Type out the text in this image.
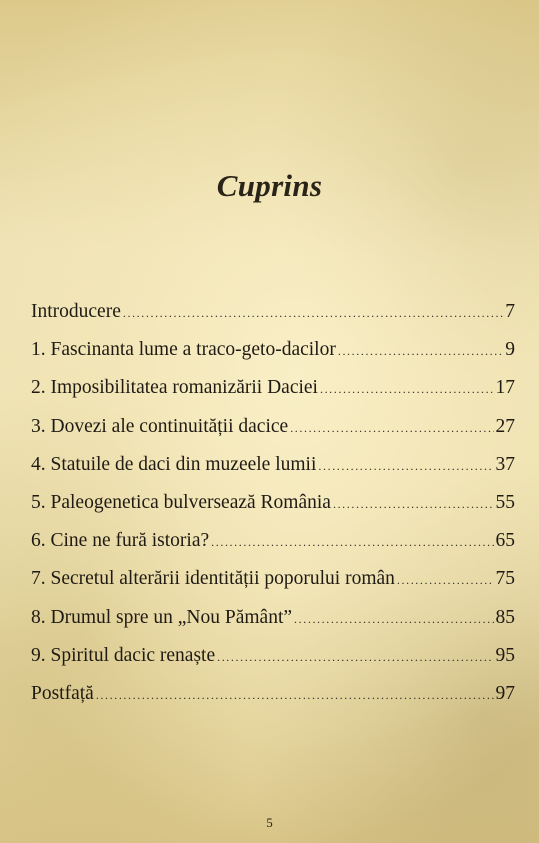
Cuprins
Introducere .....	7
1. Fascinanta lume a traco-geto-dacilor .....	9
2. Imposibilitatea romanizării Daciei .....	17
3. Dovezi ale continuității dacice .....	27
4. Statuile de daci din muzeele lumii .....	37
5. Paleogenetica bulversează România .....	55
6. Cine ne fură istoria? .....	65
7. Secretul alterării identității poporului român .....	75
8. Drumul spre un „Nou Pământ” .....	85
9. Spiritul dacic renaște .....	95
Postfață .....	97
5
